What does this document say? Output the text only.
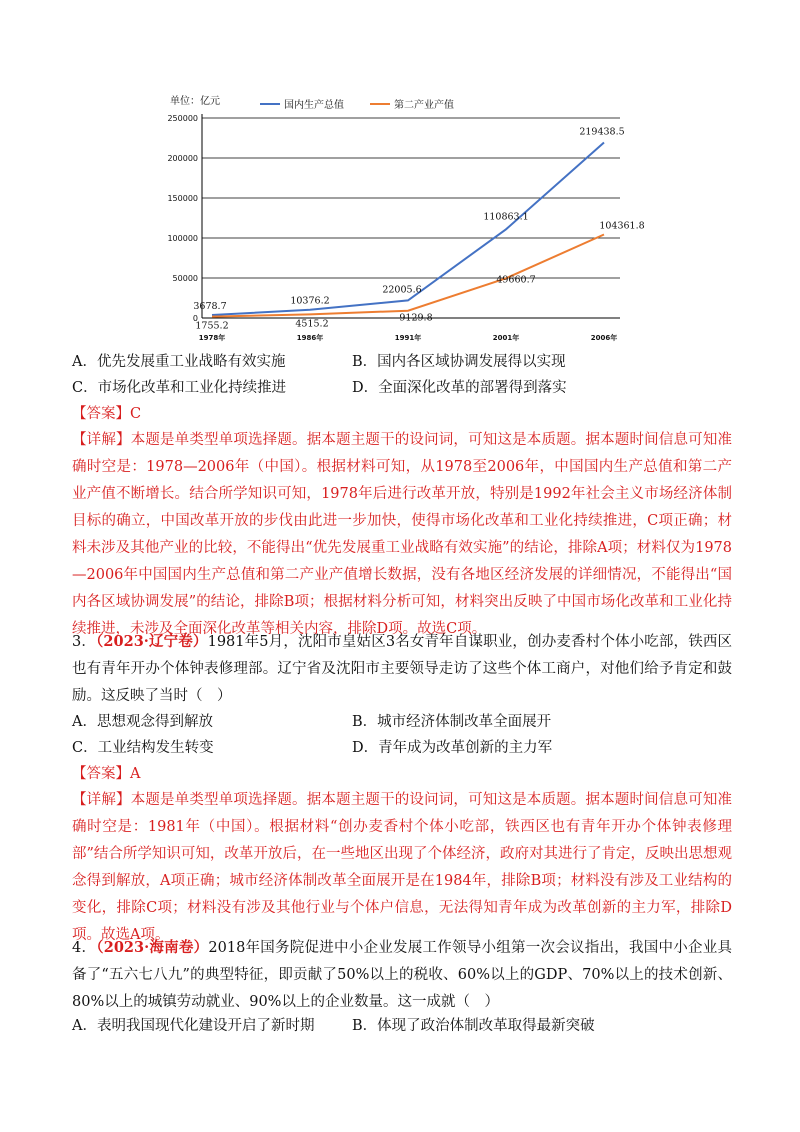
单位：亿元	国内生产总值	第二产业产值
0
50000
100000
150000
200000
250000
1978年	1986年	1991年	2001年	2006年
3678.7	10376.2
22005.6
110863.1
219438.5
1755.2	4515.2
9129.8
49660.7
104361.8
A．优先发展重工业战略有效实施	B．国内各区域协调发展得以实现
C．市场化改革和工业化持续推进	D．全面深化改革的部署得到落实
【答案】C
【详解】本题是单类型单项选择题。据本题主题干的设问词，可知这是本质题。据本题时间信息可知准确时空是：1978—2006年（中国）。根据材料可知，从1978至2006年，中国国内生产总值和第二产业产值不断增长。结合所学知识可知，1978年后进行改革开放，特别是1992年社会主义市场经济体制目标的确立，中国改革开放的步伐由此进一步加快，使得市场化改革和工业化持续推进，C项正确；材料未涉及其他产业的比较，不能得出“优先发展重工业战略有效实施”的结论，排除A项；材料仅为1978—2006年中国国内生产总值和第二产业产值增长数据，没有各地区经济发展的详细情况，不能得出“国内各区域协调发展”的结论，排除B项；根据材料分析可知，材料突出反映了中国市场化改革和工业化持续推进，未涉及全面深化改革等相关内容，排除D项。故选C项。
3．（2023·辽宁卷）1981年5月，沈阳市皇姑区3名女青年自谋职业，创办麦香村个体小吃部，铁西区也有青年开办个体钟表修理部。辽宁省及沈阳市主要领导走访了这些个体工商户，对他们给予肯定和鼓励。这反映了当时（　）
A．思想观念得到解放	B．城市经济体制改革全面展开
C．工业结构发生转变	D．青年成为改革创新的主力军
【答案】A
【详解】本题是单类型单项选择题。据本题主题干的设问词，可知这是本质题。据本题时间信息可知准确时空是：1981年（中国）。根据材料“创办麦香村个体小吃部，铁西区也有青年开办个体钟表修理部”结合所学知识可知，改革开放后，在一些地区出现了个体经济，政府对其进行了肯定，反映出思想观念得到解放，A项正确；城市经济体制改革全面展开是在1984年，排除B项；材料没有涉及工业结构的变化，排除C项；材料没有涉及其他行业与个体户信息，无法得知青年成为改革创新的主力军，排除D项。故选A项。
4．（2023·海南卷）2018年国务院促进中小企业发展工作领导小组第一次会议指出，我国中小企业具备了“五六七八九”的典型特征，即贡献了50%以上的税收、60%以上的GDP、70%以上的技术创新、80%以上的城镇劳动就业、90%以上的企业数量。这一成就（　）
A．表明我国现代化建设开启了新时期	B．体现了政治体制改革取得最新突破
